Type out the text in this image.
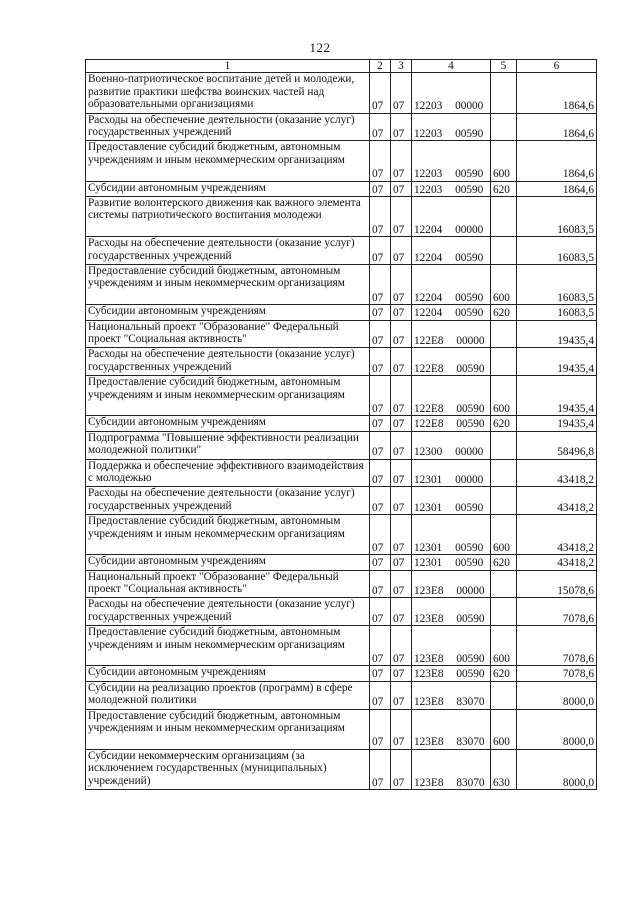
122
1	2	3	4	5	6
Военно-патриотическое воспитание детей и молодежи, развитие практики шефства воинских частей над образовательными организациями	07	07	12203 00000		1864,6
Расходы на обеспечение деятельности (оказание услуг) государственных учреждений	07	07	12203 00590		1864,6
Предоставление субсидий бюджетным, автономным учреждениям и иным некоммерческим организациям	07	07	12203 00590	600	1864,6
Субсидии автономным учреждениям	07	07	12203 00590	620	1864,6
Развитие волонтерского движения как важного элемента системы патриотического воспитания молодежи	07	07	12204 00000		16083,5
Расходы на обеспечение деятельности (оказание услуг) государственных учреждений	07	07	12204 00590		16083,5
Предоставление субсидий бюджетным, автономным учреждениям и иным некоммерческим организациям	07	07	12204 00590	600	16083,5
Субсидии автономным учреждениям	07	07	12204 00590	620	16083,5
Национальный проект "Образование" Федеральный проект "Социальная активность"	07	07	122E8 00000		19435,4
Расходы на обеспечение деятельности (оказание услуг) государственных учреждений	07	07	122E8 00590		19435,4
Предоставление субсидий бюджетным, автономным учреждениям и иным некоммерческим организациям	07	07	122E8 00590	600	19435,4
Субсидии автономным учреждениям	07	07	122E8 00590	620	19435,4
Подпрограмма "Повышение эффективности реализации молодежной политики"	07	07	12300 00000		58496,8
Поддержка и обеспечение эффективного взаимодействия с молодежью	07	07	12301 00000		43418,2
Расходы на обеспечение деятельности (оказание услуг) государственных учреждений	07	07	12301 00590		43418,2
Предоставление субсидий бюджетным, автономным учреждениям и иным некоммерческим организациям	07	07	12301 00590	600	43418,2
Субсидии автономным учреждениям	07	07	12301 00590	620	43418,2
Национальный проект "Образование" Федеральный проект "Социальная активность"	07	07	123E8 00000		15078,6
Расходы на обеспечение деятельности (оказание услуг) государственных учреждений	07	07	123E8 00590		7078,6
Предоставление субсидий бюджетным, автономным учреждениям и иным некоммерческим организациям	07	07	123E8 00590	600	7078,6
Субсидии автономным учреждениям	07	07	123E8 00590	620	7078,6
Субсидии на реализацию проектов (программ) в сфере молодежной политики	07	07	123E8 83070		8000,0
Предоставление субсидий бюджетным, автономным учреждениям и иным некоммерческим организациям	07	07	123E8 83070	600	8000,0
Субсидии некоммерческим организациям (за исключением государственных (муниципальных) учреждений)	07	07	123E8 83070	630	8000,0
